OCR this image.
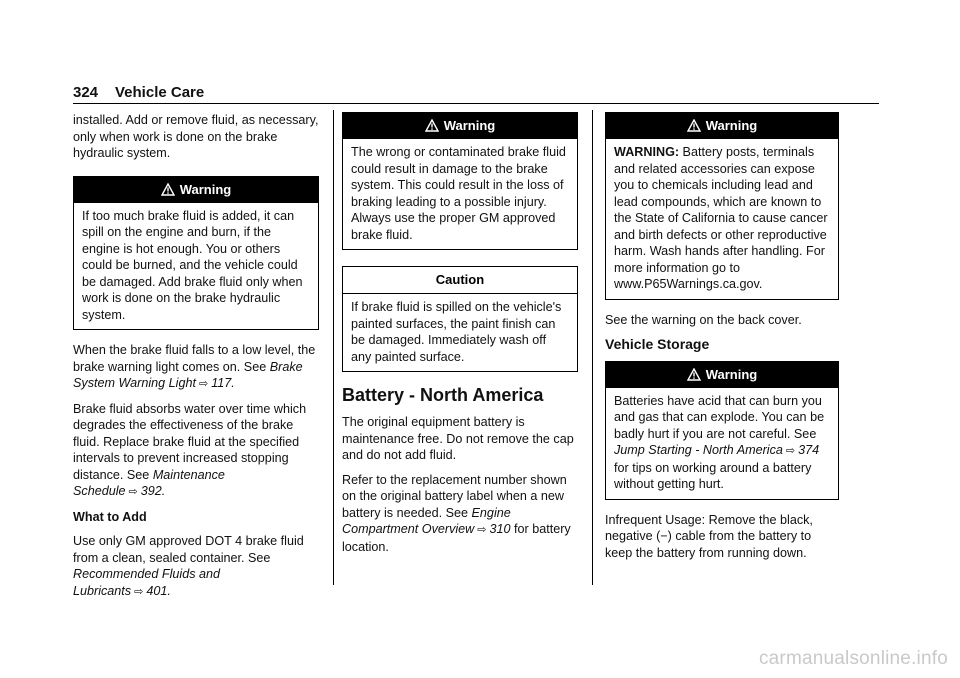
324 Vehicle Care

installed. Add or remove fluid, as necessary, only when work is done on the brake hydraulic system.

Warning
If too much brake fluid is added, it can spill on the engine and burn, if the engine is hot enough. You or others could be burned, and the vehicle could be damaged. Add brake fluid only when work is done on the brake hydraulic system.

When the brake fluid falls to a low level, the brake warning light comes on. See Brake System Warning Light ⇨ 117.

Brake fluid absorbs water over time which degrades the effectiveness of the brake fluid. Replace brake fluid at the specified intervals to prevent increased stopping distance. See Maintenance Schedule ⇨ 392.

What to Add

Use only GM approved DOT 4 brake fluid from a clean, sealed container. See Recommended Fluids and Lubricants ⇨ 401.

Warning
The wrong or contaminated brake fluid could result in damage to the brake system. This could result in the loss of braking leading to a possible injury. Always use the proper GM approved brake fluid.
Caution
If brake fluid is spilled on the vehicle's painted surfaces, the paint finish can be damaged. Immediately wash off any painted surface.
Battery - North America

The original equipment battery is maintenance free. Do not remove the cap and do not add fluid.

Refer to the replacement number shown on the original battery label when a new battery is needed. See Engine Compartment Overview ⇨ 310 for battery location.

Warning
WARNING: Battery posts, terminals and related accessories can expose you to chemicals including lead and lead compounds, which are known to the State of California to cause cancer and birth defects or other reproductive harm. Wash hands after handling. For more information go to www.P65Warnings.ca.gov.

See the warning on the back cover.

Vehicle Storage
Warning
Batteries have acid that can burn you and gas that can explode. You can be badly hurt if you are not careful. See Jump Starting - North America ⇨ 374 for tips on working around a battery without getting hurt.

Infrequent Usage: Remove the black, negative (−) cable from the battery to keep the battery from running down.

carmanualsonline.info
